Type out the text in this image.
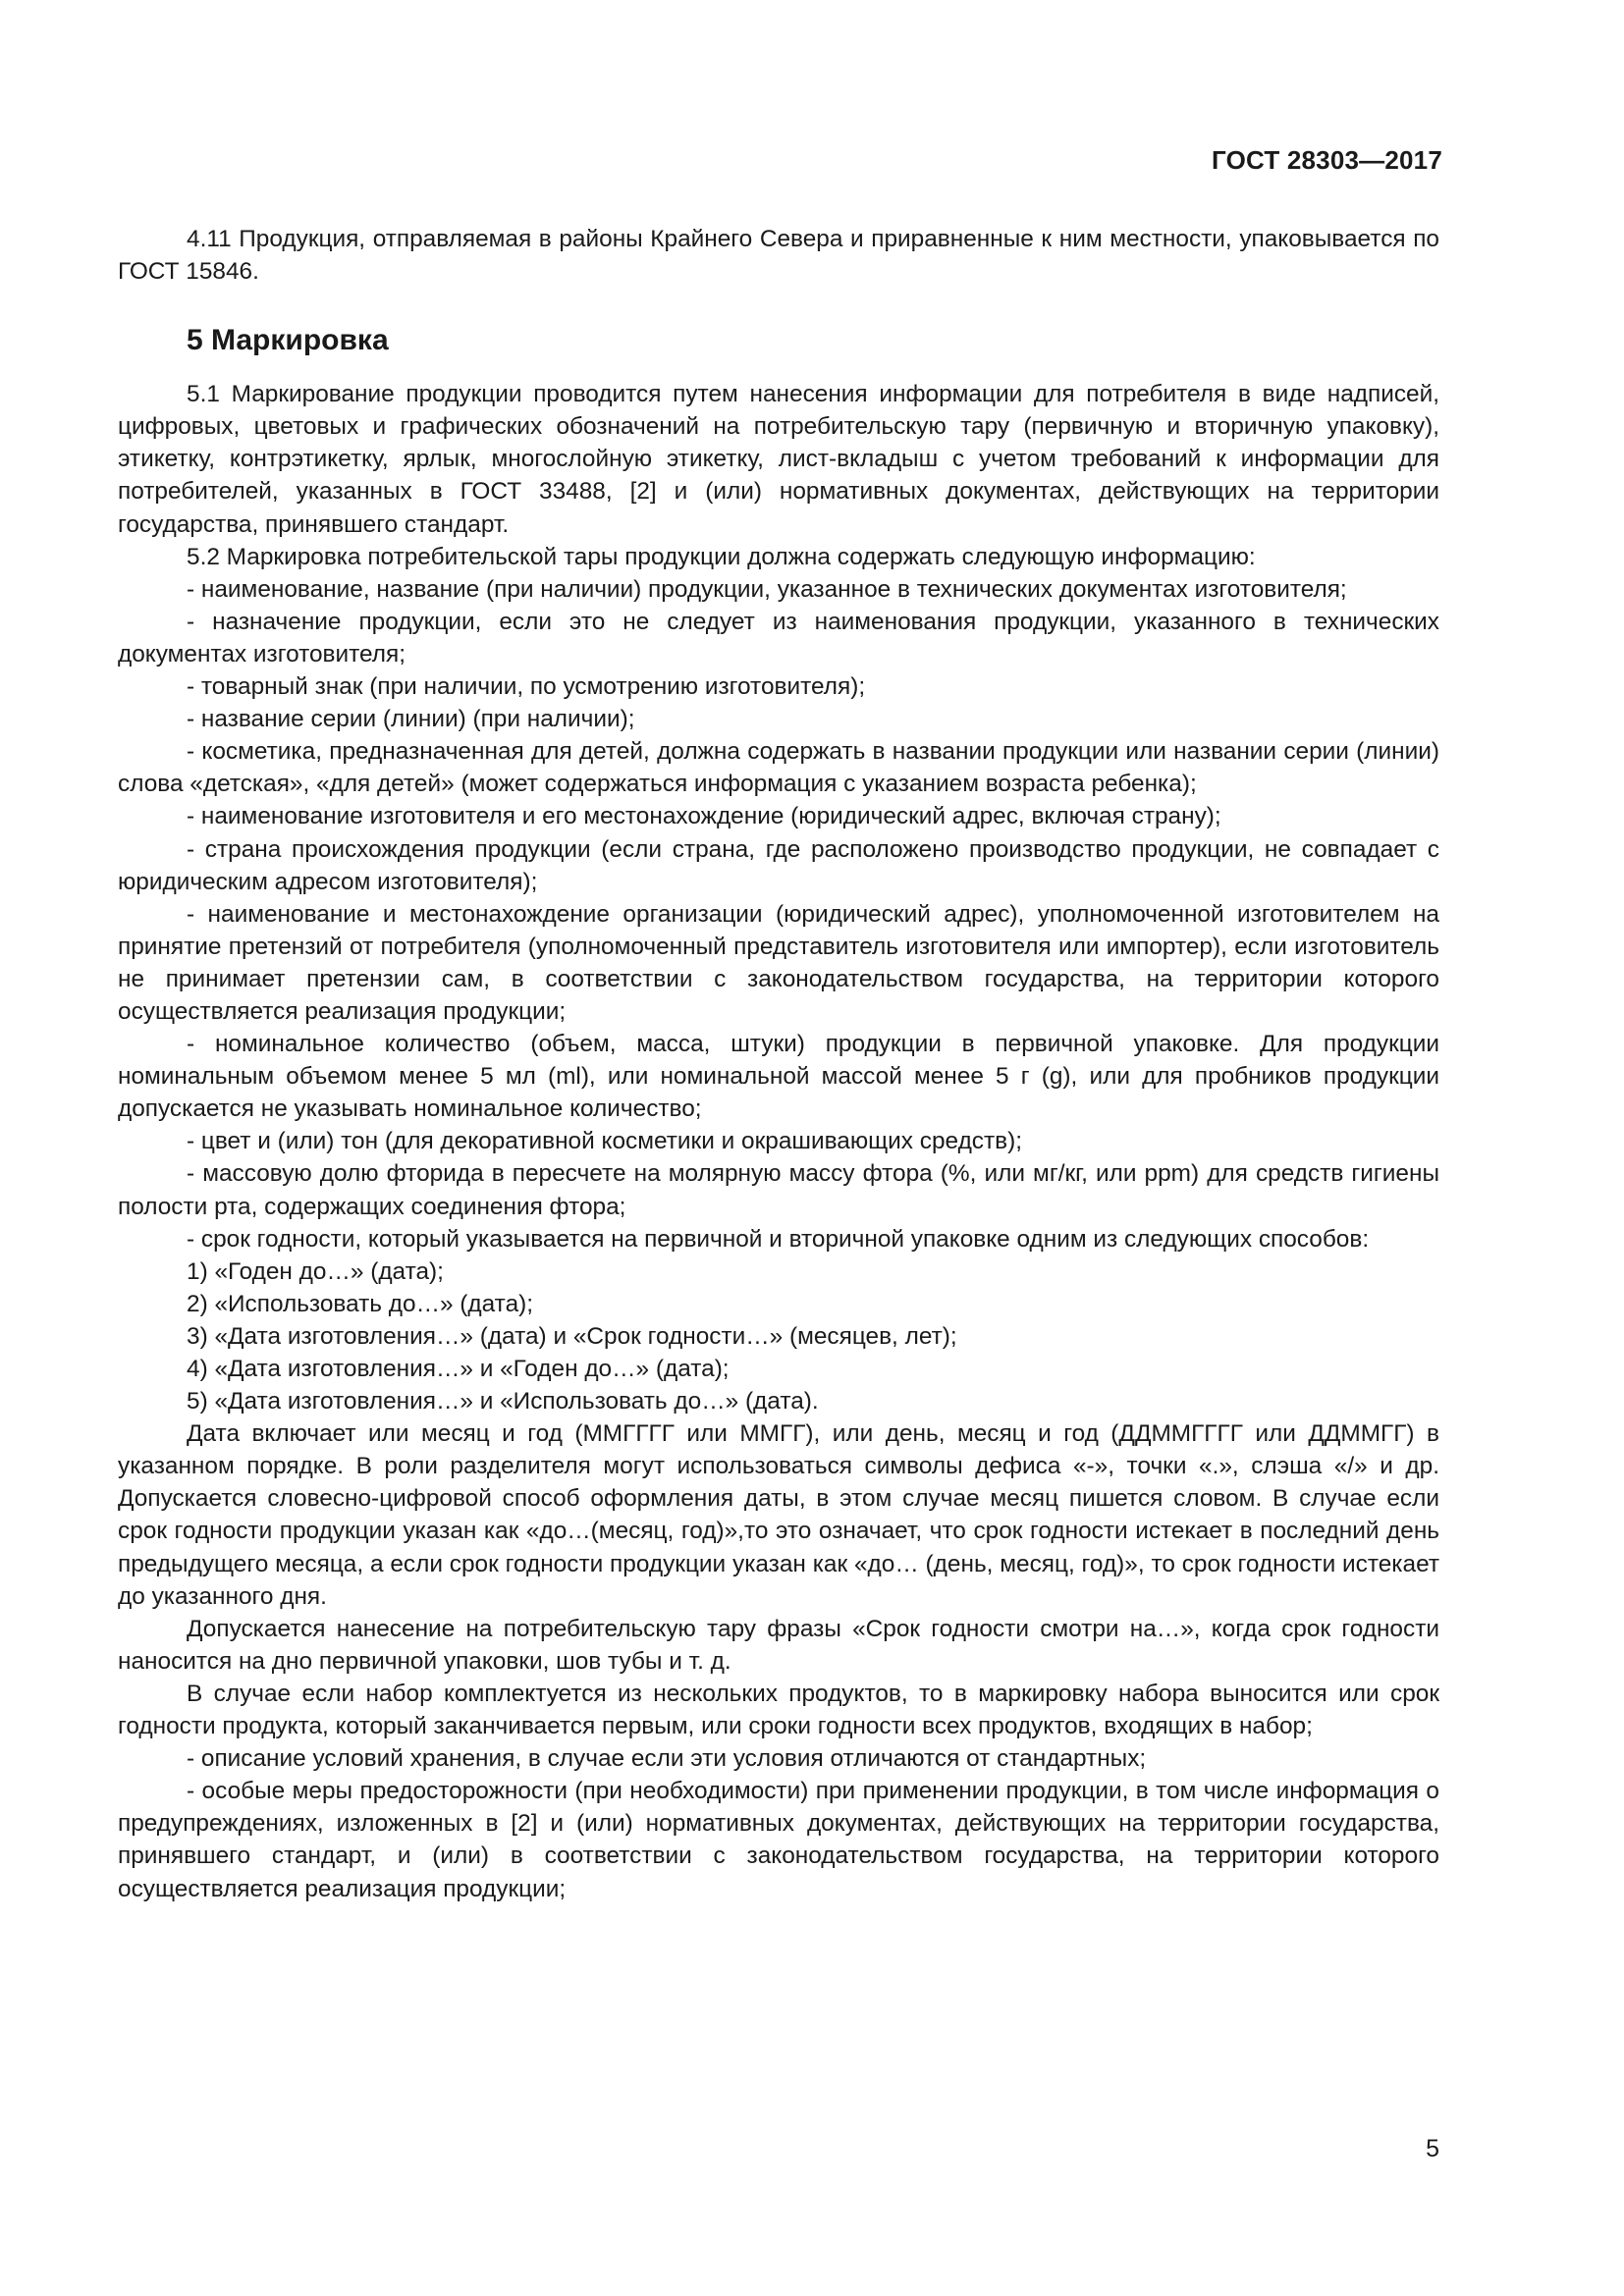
ГОСТ 28303—2017

4.11 Продукция, отправляемая в районы Крайнего Севера и приравненные к ним местности, упаковывается по ГОСТ 15846.

5 Маркировка

5.1 Маркирование продукции проводится путем нанесения информации для потребителя в виде надписей, цифровых, цветовых и графических обозначений на потребительскую тару (первичную и вторичную упаковку), этикетку, контрэтикетку, ярлык, многослойную этикетку, лист-вкладыш с учетом требований к информации для потребителей, указанных в ГОСТ 33488, [2] и (или) нормативных документах, действующих на территории государства, принявшего стандарт.

5.2 Маркировка потребительской тары продукции должна содержать следующую информацию:

- наименование, название (при наличии) продукции, указанное в технических документах изготовителя;

- назначение продукции, если это не следует из наименования продукции, указанного в технических документах изготовителя;

- товарный знак (при наличии, по усмотрению изготовителя);

- название серии (линии) (при наличии);

- косметика, предназначенная для детей, должна содержать в названии продукции или названии серии (линии) слова «детская», «для детей» (может содержаться информация с указанием возраста ребенка);

- наименование изготовителя и его местонахождение (юридический адрес, включая страну);

- страна происхождения продукции (если страна, где расположено производство продукции, не совпадает с юридическим адресом изготовителя);

- наименование и местонахождение организации (юридический адрес), уполномоченной изготовителем на принятие претензий от потребителя (уполномоченный представитель изготовителя или импортер), если изготовитель не принимает претензии сам, в соответствии с законодательством государства, на территории которого осуществляется реализация продукции;

- номинальное количество (объем, масса, штуки) продукции в первичной упаковке. Для продукции номинальным объемом менее 5 мл (ml), или номинальной массой менее 5 г (g), или для пробников продукции допускается не указывать номинальное количество;

- цвет и (или) тон (для декоративной косметики и окрашивающих средств);

- массовую долю фторида в пересчете на молярную массу фтора (%, или мг/кг, или ppm) для средств гигиены полости рта, содержащих соединения фтора;

- срок годности, который указывается на первичной и вторичной упаковке одним из следующих способов:

1) «Годен до…» (дата);

2) «Использовать до…» (дата);

3) «Дата изготовления…» (дата) и «Срок годности…» (месяцев, лет);

4) «Дата изготовления…» и «Годен до…» (дата);

5) «Дата изготовления…» и «Использовать до…» (дата).

Дата включает или месяц и год (ММГГГГ или ММГГ), или день, месяц и год (ДДММГГГГ или ДДММГГ) в указанном порядке. В роли разделителя могут использоваться символы дефиса «-», точки «.», слэша «/» и др. Допускается словесно-цифровой способ оформления даты, в этом случае месяц пишется словом. В случае если срок годности продукции указан как «до…(месяц, год)»,то это означает, что срок годности истекает в последний день предыдущего месяца, а если срок годности продукции указан как «до… (день, месяц, год)», то срок годности истекает до указанного дня.

Допускается нанесение на потребительскую тару фразы «Срок годности смотри на…», когда срок годности наносится на дно первичной упаковки, шов тубы и т. д.

В случае если набор комплектуется из нескольких продуктов, то в маркировку набора выносится или срок годности продукта, который заканчивается первым, или сроки годности всех продуктов, входящих в набор;

- описание условий хранения, в случае если эти условия отличаются от стандартных;

- особые меры предосторожности (при необходимости) при применении продукции, в том числе информация о предупреждениях, изложенных в [2] и (или) нормативных документах, действующих на территории государства, принявшего стандарт, и (или) в соответствии с законодательством государства, на территории которого осуществляется реализация продукции;

5
